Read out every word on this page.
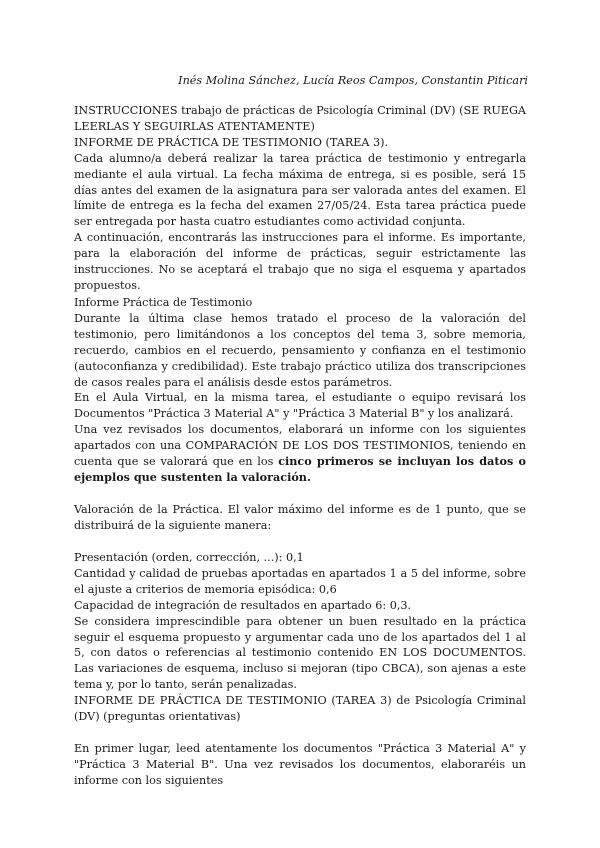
Inés Molina Sánchez, Lucía Reos Campos, Constantin Piticari

INSTRUCCIONES trabajo de prácticas de Psicología Criminal (DV) (SE RUEGA LEERLAS Y SEGUIRLAS ATENTAMENTE)

INFORME DE PRÁCTICA DE TESTIMONIO (TAREA 3).

Cada alumno/a deberá realizar la tarea práctica de testimonio y entregarla mediante el aula virtual. La fecha máxima de entrega, si es posible, será 15 días antes del examen de la asignatura para ser valorada antes del examen. El límite de entrega es la fecha del examen 27/05/24. Esta tarea práctica puede ser entregada por hasta cuatro estudiantes como actividad conjunta.

A continuación, encontrarás las instrucciones para el informe. Es importante, para la elaboración del informe de prácticas, seguir estrictamente las instrucciones. No se aceptará el trabajo que no siga el esquema y apartados propuestos.

Informe Práctica de Testimonio

Durante la última clase hemos tratado el proceso de la valoración del testimonio, pero limitándonos a los conceptos del tema 3, sobre memoria, recuerdo, cambios en el recuerdo, pensamiento y confianza en el testimonio (autoconfianza y credibilidad). Este trabajo práctico utiliza dos transcripciones de casos reales para el análisis desde estos parámetros.

En el Aula Virtual, en la misma tarea, el estudiante o equipo revisará los Documentos "Práctica 3 Material A" y "Práctica 3 Material B" y los analizará.

Una vez revisados los documentos, elaborará un informe con los siguientes apartados con una COMPARACIÓN DE LOS DOS TESTIMONIOS, teniendo en cuenta que se valorará que en los cinco primeros se incluyan los datos o ejemplos que sustenten la valoración.

Valoración de la Práctica. El valor máximo del informe es de 1 punto, que se distribuirá de la siguiente manera:

Presentación (orden, corrección, ...): 0,1

Cantidad y calidad de pruebas aportadas en apartados 1 a 5 del informe, sobre el ajuste a criterios de memoria episódica: 0,6

Capacidad de integración de resultados en apartado 6: 0,3.

Se considera imprescindible para obtener un buen resultado en la práctica seguir el esquema propuesto y argumentar cada uno de los apartados del 1 al 5, con datos o referencias al testimonio contenido EN LOS DOCUMENTOS. Las variaciones de esquema, incluso si mejoran (tipo CBCA), son ajenas a este tema y, por lo tanto, serán penalizadas.

INFORME DE PRÁCTICA DE TESTIMONIO (TAREA 3) de Psicología Criminal (DV) (preguntas orientativas)

En primer lugar, leed atentamente los documentos "Práctica 3 Material A" y "Práctica 3 Material B". Una vez revisados los documentos, elaboraréis un informe con los siguientes
